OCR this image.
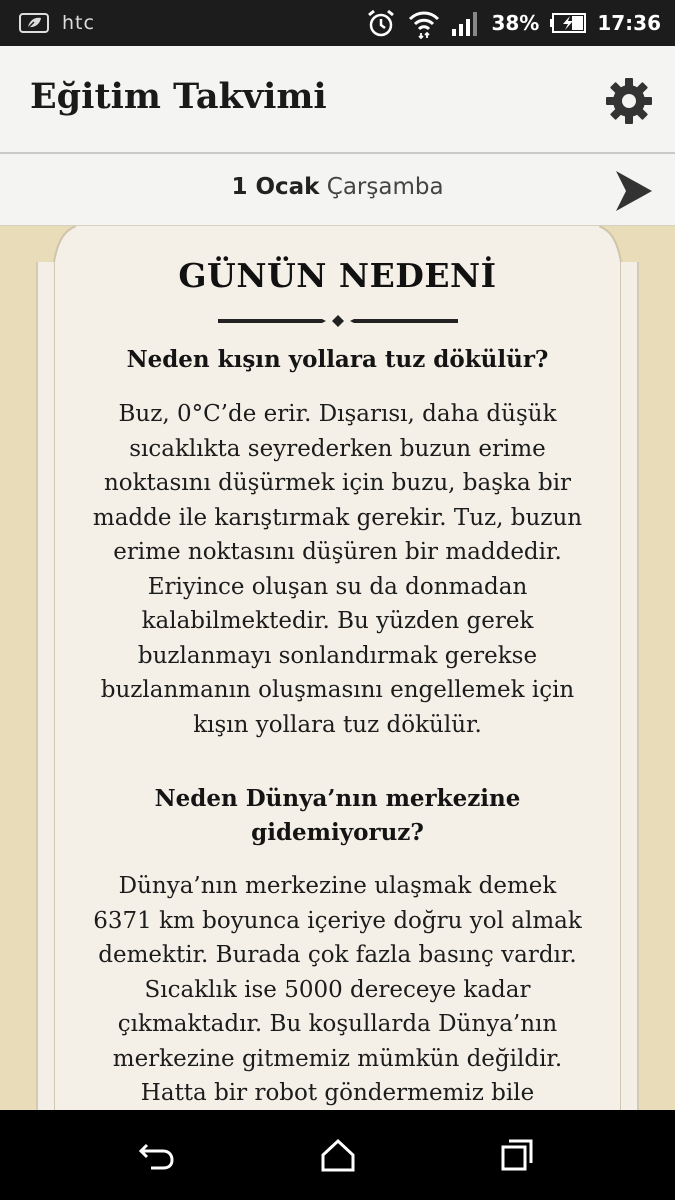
htc	38%	17:36
Eğitim Takvimi
1 Ocak Çarşamba
GÜNÜN NEDENİ
Neden kışın yollara tuz dökülür?
Buz, 0°C’de erir. Dışarısı, daha düşük
sıcaklıkta seyrederken buzun erime
noktasını düşürmek için buzu, başka bir
madde ile karıştırmak gerekir. Tuz, buzun
erime noktasını düşüren bir maddedir.
Eriyince oluşan su da donmadan
kalabilmektedir. Bu yüzden gerek
buzlanmayı sonlandırmak gerekse
buzlanmanın oluşmasını engellemek için
kışın yollara tuz dökülür.
Neden Dünya’nın merkezine
gidemiyoruz?
Dünya’nın merkezine ulaşmak demek
6371 km boyunca içeriye doğru yol almak
demektir. Burada çok fazla basınç vardır.
Sıcaklık ise 5000 dereceye kadar
çıkmaktadır. Bu koşullarda Dünya’nın
merkezine gitmemiz mümkün değildir.
Hatta bir robot göndermemiz bile
